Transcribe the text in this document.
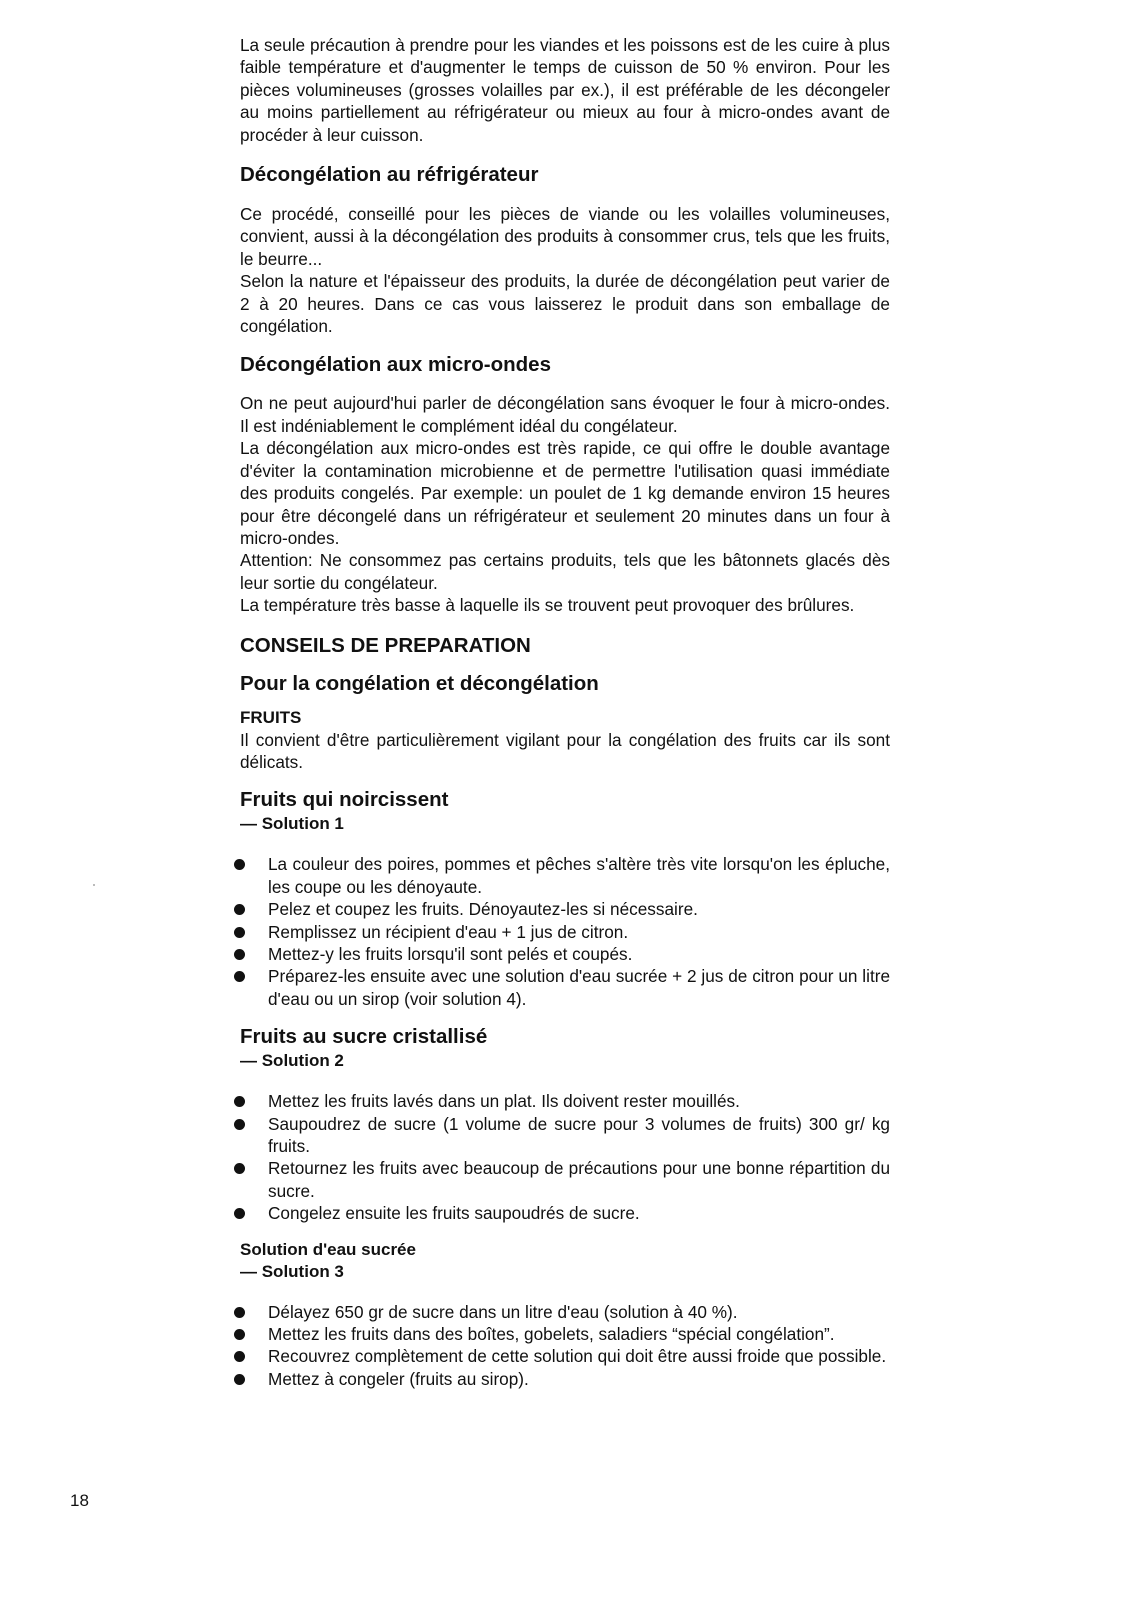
La seule précaution à prendre pour les viandes et les poissons est de les cuire à plus faible température et d'augmenter le temps de cuisson de 50 % environ. Pour les pièces volumineuses (grosses volailles par ex.), il est préférable de les décongeler au moins partiellement au réfrigérateur ou mieux au four à micro-ondes avant de procéder à leur cuisson.

Décongélation au réfrigérateur

Ce procédé, conseillé pour les pièces de viande ou les volailles volumineuses, convient, aussi à la décongélation des produits à consommer crus, tels que les fruits, le beurre...

Selon la nature et l'épaisseur des produits, la durée de décongélation peut varier de 2 à 20 heures. Dans ce cas vous laisserez le produit dans son emballage de congélation.

Décongélation aux micro-ondes

On ne peut aujourd'hui parler de décongélation sans évoquer le four à micro-ondes. Il est indéniablement le complément idéal du congélateur.

La décongélation aux micro-ondes est très rapide, ce qui offre le double avantage d'éviter la contamination microbienne et de permettre l'utilisation quasi immédiate des produits congelés. Par exemple: un poulet de 1 kg demande environ 15 heures pour être décongelé dans un réfrigérateur et seulement 20 minutes dans un four à micro-ondes.

Attention: Ne consommez pas certains produits, tels que les bâtonnets glacés dès leur sortie du congélateur.

La température très basse à laquelle ils se trouvent peut provoquer des brûlures.

CONSEILS DE PREPARATION
Pour la congélation et décongélation
FRUITS

Il convient d'être particulièrement vigilant pour la congélation des fruits car ils sont délicats.

Fruits qui noircissent
— Solution 1
La couleur des poires, pommes et pêches s'altère très vite lorsqu'on les épluche, les coupe ou les dénoyaute.
Pelez et coupez les fruits. Dénoyautez-les si nécessaire.
Remplissez un récipient d'eau + 1 jus de citron.
Mettez-y les fruits lorsqu'il sont pelés et coupés.
Préparez-les ensuite avec une solution d'eau sucrée + 2 jus de citron pour un litre d'eau ou un sirop (voir solution 4).
Fruits au sucre cristallisé
— Solution 2
Mettez les fruits lavés dans un plat. Ils doivent rester mouillés.
Saupoudrez de sucre (1 volume de sucre pour 3 volumes de fruits) 300 gr/ kg fruits.
Retournez les fruits avec beaucoup de précautions pour une bonne répartition du sucre.
Congelez ensuite les fruits saupoudrés de sucre.
Solution d'eau sucrée
— Solution 3
Délayez 650 gr de sucre dans un litre d'eau (solution à 40 %).
Mettez les fruits dans des boîtes, gobelets, saladiers “spécial congélation”.
Recouvrez complètement de cette solution qui doit être aussi froide que possible.
Mettez à congeler (fruits au sirop).
18
